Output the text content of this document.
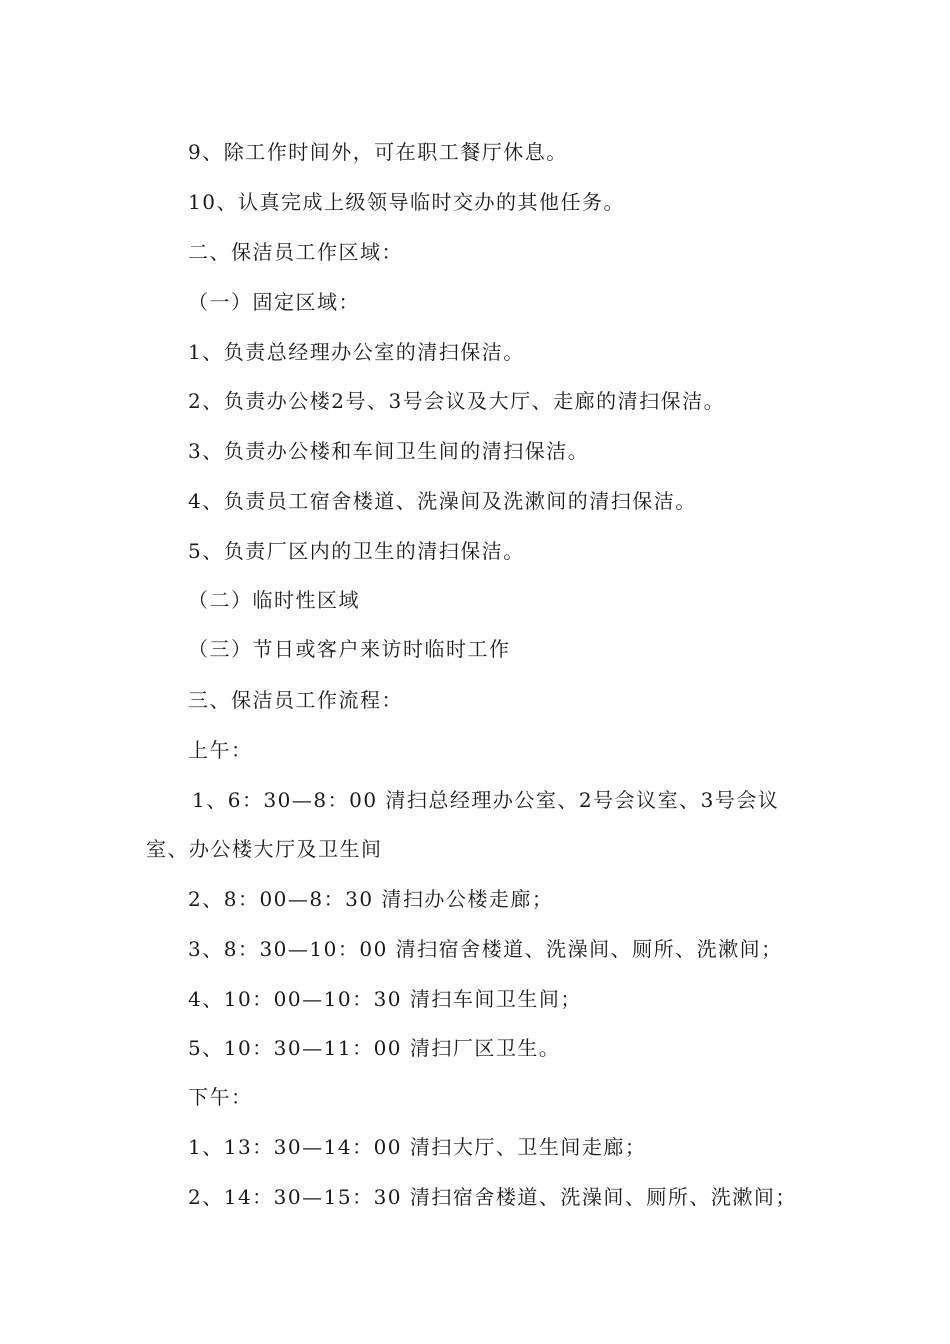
9、除工作时间外，可在职工餐厅休息。
10、认真完成上级领导临时交办的其他任务。
二、保洁员工作区域：
（一）固定区域：
1、负责总经理办公室的清扫保洁。
2、负责办公楼2号、3号会议及大厅、走廊的清扫保洁。
3、负责办公楼和车间卫生间的清扫保洁。
4、负责员工宿舍楼道、洗澡间及洗漱间的清扫保洁。
5、负责厂区内的卫生的清扫保洁。
（二）临时性区域
（三）节日或客户来访时临时工作
三、保洁员工作流程：
上午：
1、6：30—8：00 清扫总经理办公室、2号会议室、3号会议
室、办公楼大厅及卫生间
2、8：00—8：30 清扫办公楼走廊；
3、8：30—10：00 清扫宿舍楼道、洗澡间、厕所、洗漱间；
4、10：00—10：30 清扫车间卫生间；
5、10：30—11：00 清扫厂区卫生。
下午：
1、13：30—14：00 清扫大厅、卫生间走廊；
2、14：30—15：30 清扫宿舍楼道、洗澡间、厕所、洗漱间；
